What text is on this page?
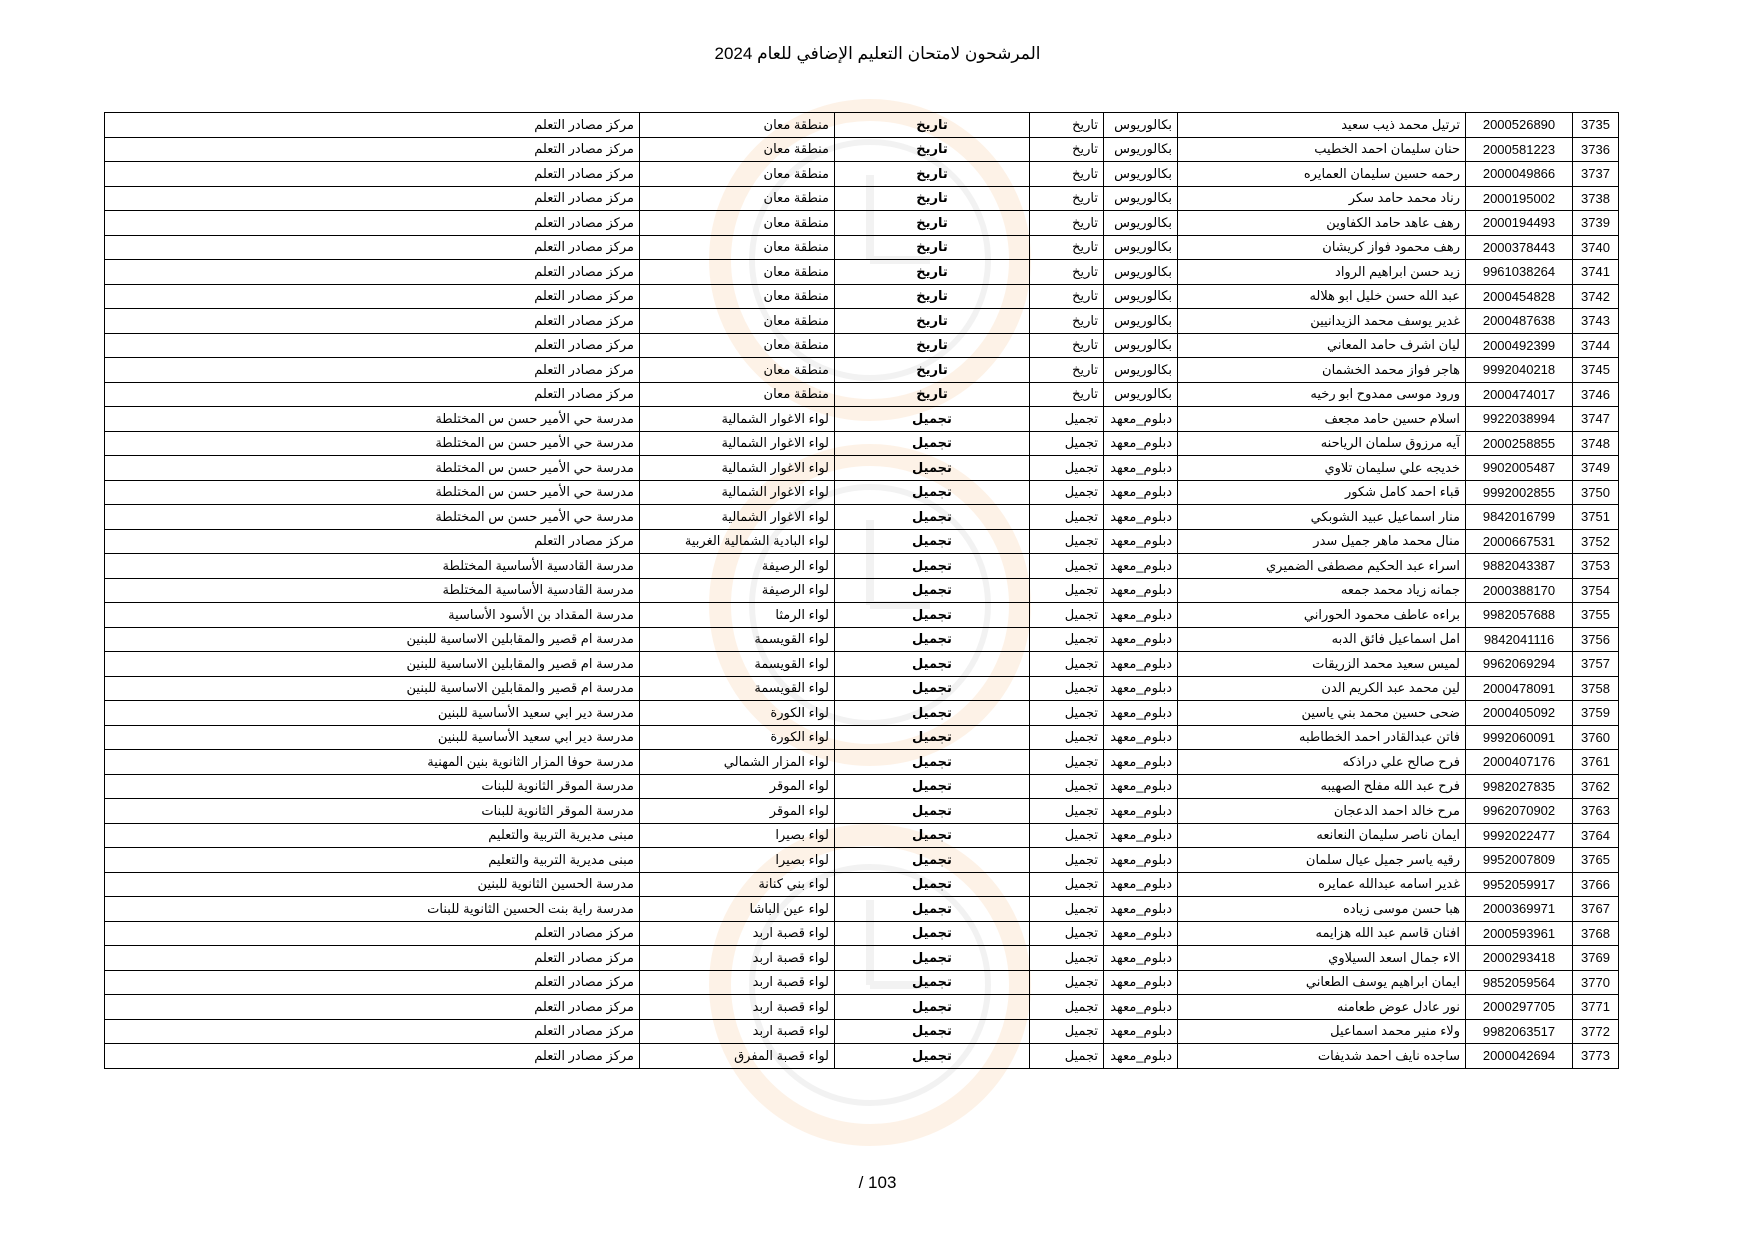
المرشحون لامتحان التعليم الإضافي للعام 2024
3735	2000526890	ترتيل محمد ذيب سعيد	بكالوريوس	تاريخ	تاريخ	منطقة معان	مركز مصادر التعلم
3736	2000581223	حنان سليمان احمد الخطيب	بكالوريوس	تاريخ	تاريخ	منطقة معان	مركز مصادر التعلم
3737	2000049866	رحمه حسين سليمان العمايره	بكالوريوس	تاريخ	تاريخ	منطقة معان	مركز مصادر التعلم
3738	2000195002	رناد محمد حامد سكر	بكالوريوس	تاريخ	تاريخ	منطقة معان	مركز مصادر التعلم
3739	2000194493	رهف عاهد حامد الكفاوين	بكالوريوس	تاريخ	تاريخ	منطقة معان	مركز مصادر التعلم
3740	2000378443	رهف محمود فواز كريشان	بكالوريوس	تاريخ	تاريخ	منطقة معان	مركز مصادر التعلم
3741	9961038264	زيد حسن ابراهيم الرواد	بكالوريوس	تاريخ	تاريخ	منطقة معان	مركز مصادر التعلم
3742	2000454828	عبد الله حسن خليل ابو هلاله	بكالوريوس	تاريخ	تاريخ	منطقة معان	مركز مصادر التعلم
3743	2000487638	غدير يوسف محمد الزيدانيين	بكالوريوس	تاريخ	تاريخ	منطقة معان	مركز مصادر التعلم
3744	2000492399	ليان اشرف حامد المعاني	بكالوريوس	تاريخ	تاريخ	منطقة معان	مركز مصادر التعلم
3745	9992040218	هاجر فواز محمد الخشمان	بكالوريوس	تاريخ	تاريخ	منطقة معان	مركز مصادر التعلم
3746	2000474017	ورود موسى ممدوح ابو رخيه	بكالوريوس	تاريخ	تاريخ	منطقة معان	مركز مصادر التعلم
3747	9922038994	اسلام حسين حامد مجعف	دبلوم_معهد	تجميل	تجميل	لواء الاغوار الشمالية	مدرسة حي الأمير حسن س المختلطة
3748	2000258855	آيه مرزوق سلمان الرياحنه	دبلوم_معهد	تجميل	تجميل	لواء الاغوار الشمالية	مدرسة حي الأمير حسن س المختلطة
3749	9902005487	خديجه علي سليمان تلاوي	دبلوم_معهد	تجميل	تجميل	لواء الاغوار الشمالية	مدرسة حي الأمير حسن س المختلطة
3750	9992002855	قباء احمد كامل شكور	دبلوم_معهد	تجميل	تجميل	لواء الاغوار الشمالية	مدرسة حي الأمير حسن س المختلطة
3751	9842016799	منار اسماعيل عبيد الشوبكي	دبلوم_معهد	تجميل	تجميل	لواء الاغوار الشمالية	مدرسة حي الأمير حسن س المختلطة
3752	2000667531	منال محمد ماهر جميل سدر	دبلوم_معهد	تجميل	تجميل	لواء البادية الشمالية الغربية	مركز مصادر التعلم
3753	9882043387	اسراء عبد الحكيم مصطفى الضميري	دبلوم_معهد	تجميل	تجميل	لواء الرصيفة	مدرسة القادسية الأساسية المختلطة
3754	2000388170	جمانه زياد محمد جمعه	دبلوم_معهد	تجميل	تجميل	لواء الرصيفة	مدرسة القادسية الأساسية المختلطة
3755	9982057688	براءه عاطف محمود الحوراني	دبلوم_معهد	تجميل	تجميل	لواء الرمثا	مدرسة المقداد بن الأسود الأساسية
3756	9842041116	امل اسماعيل فائق الدبه	دبلوم_معهد	تجميل	تجميل	لواء القويسمة	مدرسة ام قصير والمقابلين الاساسية للبنين
3757	9962069294	لميس سعيد محمد الزريقات	دبلوم_معهد	تجميل	تجميل	لواء القويسمة	مدرسة ام قصير والمقابلين الاساسية للبنين
3758	2000478091	لين محمد عبد الكريم الدن	دبلوم_معهد	تجميل	تجميل	لواء القويسمة	مدرسة ام قصير والمقابلين الاساسية للبنين
3759	2000405092	ضحى حسين محمد بني ياسين	دبلوم_معهد	تجميل	تجميل	لواء الكورة	مدرسة دير ابي سعيد الأساسية للبنين
3760	9992060091	فاتن عبدالقادر احمد الخطاطبه	دبلوم_معهد	تجميل	تجميل	لواء الكورة	مدرسة دير ابي سعيد الأساسية للبنين
3761	2000407176	فرح صالح علي دراذكه	دبلوم_معهد	تجميل	تجميل	لواء المزار الشمالي	مدرسة حوفا المزار الثانوية بنين المهنية
3762	9982027835	فرح عبد الله مفلح الصهيبه	دبلوم_معهد	تجميل	تجميل	لواء الموقر	مدرسة الموقر الثانوية للبنات
3763	9962070902	مرح خالد احمد الدعجان	دبلوم_معهد	تجميل	تجميل	لواء الموقر	مدرسة الموقر الثانوية للبنات
3764	9992022477	ايمان ناصر سليمان النعانعه	دبلوم_معهد	تجميل	تجميل	لواء بصيرا	مبنى مديرية التربية والتعليم
3765	9952007809	رقيه ياسر جميل عيال سلمان	دبلوم_معهد	تجميل	تجميل	لواء بصيرا	مبنى مديرية التربية والتعليم
3766	9952059917	غدير اسامه عبدالله عمايره	دبلوم_معهد	تجميل	تجميل	لواء بني كنانة	مدرسة الحسين الثانوية للبنين
3767	2000369971	هبا حسن موسى زياده	دبلوم_معهد	تجميل	تجميل	لواء عين الباشا	مدرسة راية بنت الحسين الثانوية للبنات
3768	2000593961	افنان قاسم عبد الله هزايمه	دبلوم_معهد	تجميل	تجميل	لواء قصبة اربد	مركز مصادر التعلم
3769	2000293418	الاء جمال اسعد السيلاوي	دبلوم_معهد	تجميل	تجميل	لواء قصبة اربد	مركز مصادر التعلم
3770	9852059564	ايمان ابراهيم يوسف الطعاني	دبلوم_معهد	تجميل	تجميل	لواء قصبة اربد	مركز مصادر التعلم
3771	2000297705	نور عادل عوض طعامنه	دبلوم_معهد	تجميل	تجميل	لواء قصبة اربد	مركز مصادر التعلم
3772	9982063517	ولاء منير محمد اسماعيل	دبلوم_معهد	تجميل	تجميل	لواء قصبة اربد	مركز مصادر التعلم
3773	2000042694	ساجده نايف احمد شديفات	دبلوم_معهد	تجميل	تجميل	لواء قصبة المفرق	مركز مصادر التعلم
/ 103
